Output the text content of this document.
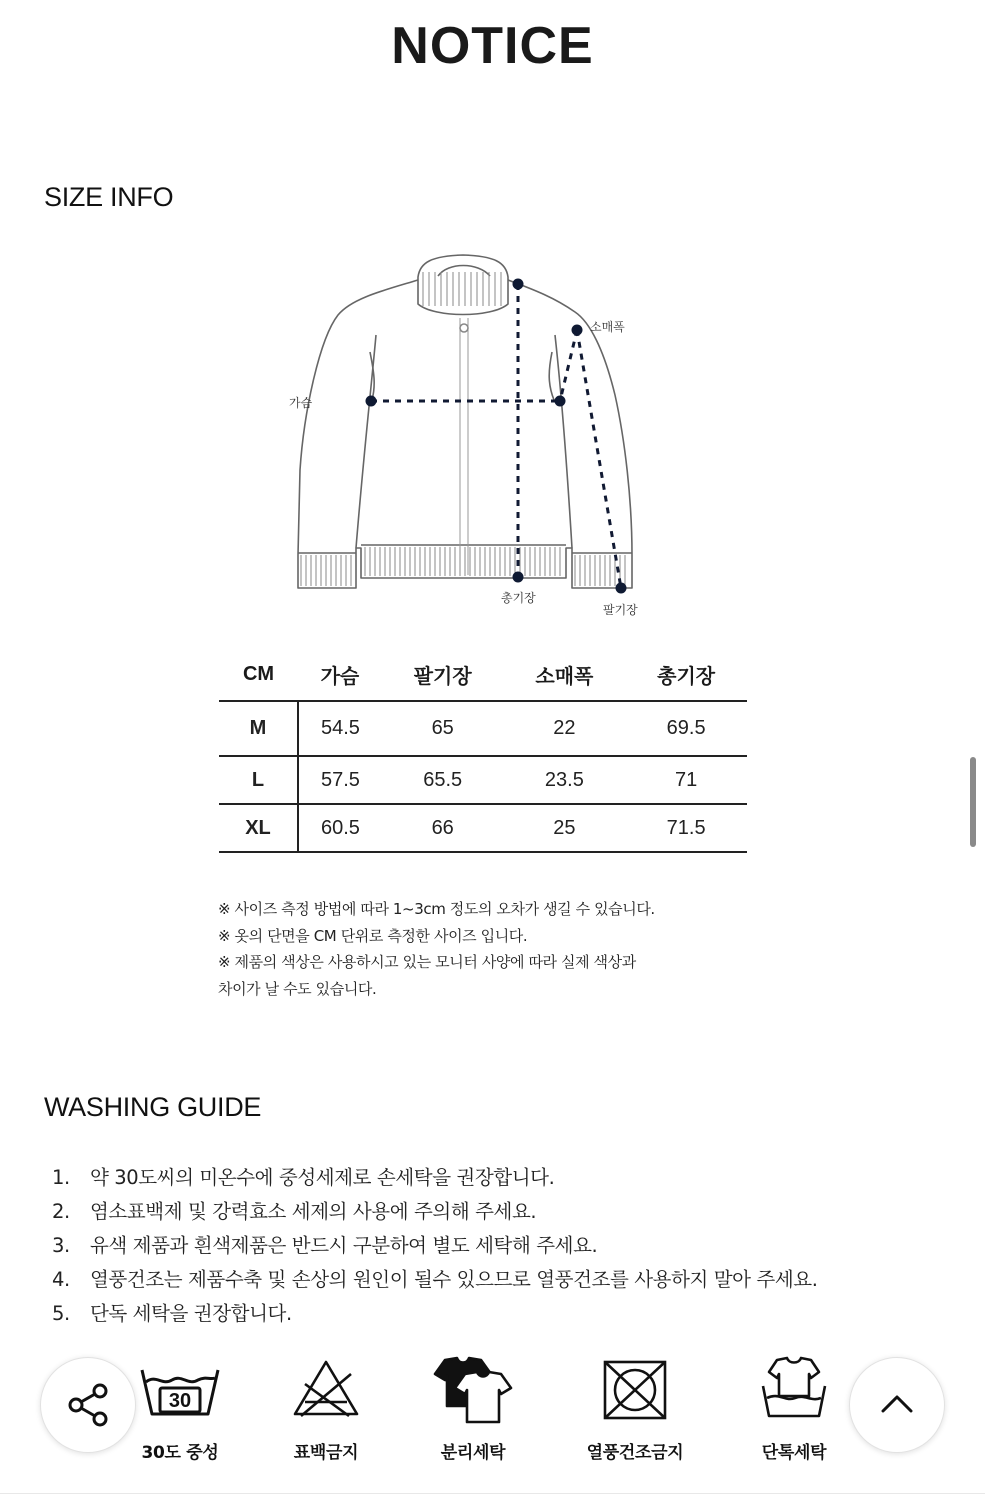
NOTICE
SIZE INFO
가슴
소매폭
총기장
팔기장
CM	가슴	팔기장	소매폭	총기장
M	54.5	65	22	69.5
L	57.5	65.5	23.5	71
XL	60.5	66	25	71.5
※ 사이즈 측정 방법에 따라 1~3cm 정도의 오차가 생길 수 있습니다.
※ 옷의 단면을 CM 단위로 측정한 사이즈 입니다.
※ 제품의 색상은 사용하시고 있는 모니터 사양에 따라 실제 색상과
차이가 날 수도 있습니다.
WASHING GUIDE
1. 약 30도씨의 미온수에 중성세제로 손세탁을 권장합니다.
2. 염소표백제 및 강력효소 세제의 사용에 주의해 주세요.
3. 유색 제품과 흰색제품은 반드시 구분하여 별도 세탁해 주세요.
4. 열풍건조는 제품수축 및 손상의 원인이 될수 있으므로 열풍건조를 사용하지 말아 주세요.
5. 단독 세탁을 권장합니다.
30
30도 중성	표백금지	분리세탁	열풍건조금지	단톡세탁
